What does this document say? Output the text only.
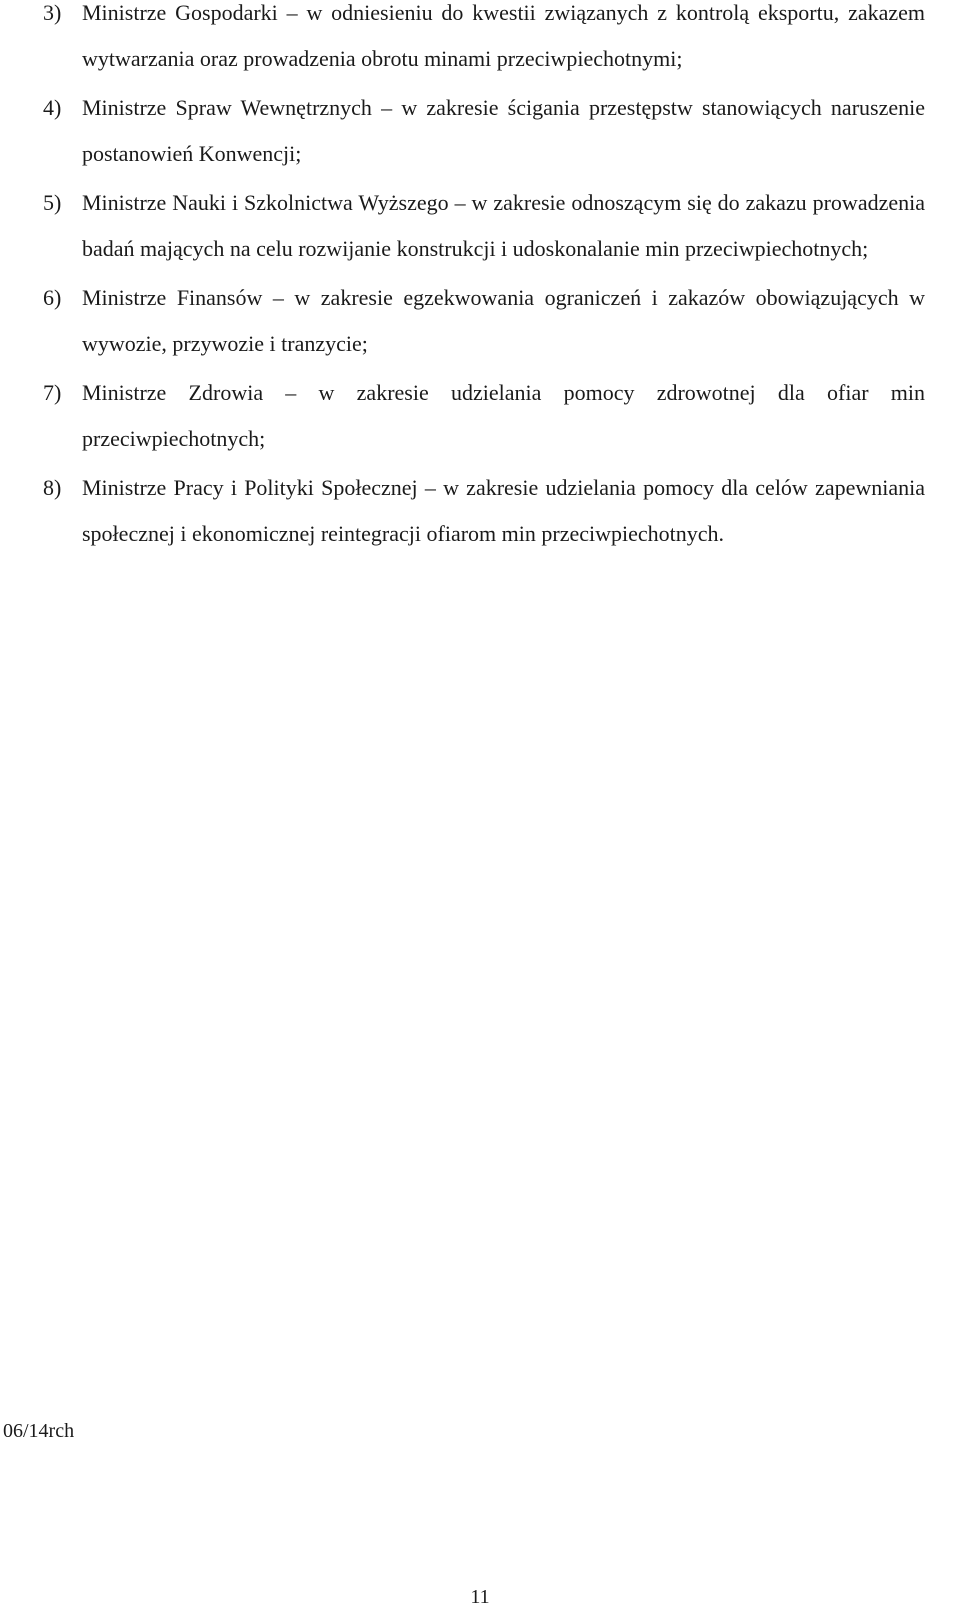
3) Ministrze Gospodarki – w odniesieniu do kwestii związanych z kontrolą eksportu, zakazem wytwarzania oraz prowadzenia obrotu minami przeciwpiechotnymi;
4) Ministrze Spraw Wewnętrznych – w zakresie ścigania przestępstw stanowiących naruszenie postanowień Konwencji;
5) Ministrze Nauki i Szkolnictwa Wyższego – w zakresie odnoszącym się do zakazu prowadzenia badań mających na celu rozwijanie konstrukcji i udoskonalanie min przeciwpiechotnych;
6) Ministrze Finansów – w zakresie egzekwowania ograniczeń i zakazów obowiązujących w wywozie, przywozie i tranzycie;
7) Ministrze Zdrowia – w zakresie udzielania pomocy zdrowotnej dla ofiar min przeciwpiechotnych;
8) Ministrze Pracy i Polityki Społecznej – w zakresie udzielania pomocy dla celów zapewniania społecznej i ekonomicznej reintegracji ofiarom min przeciwpiechotnych.
06/14rch
11
